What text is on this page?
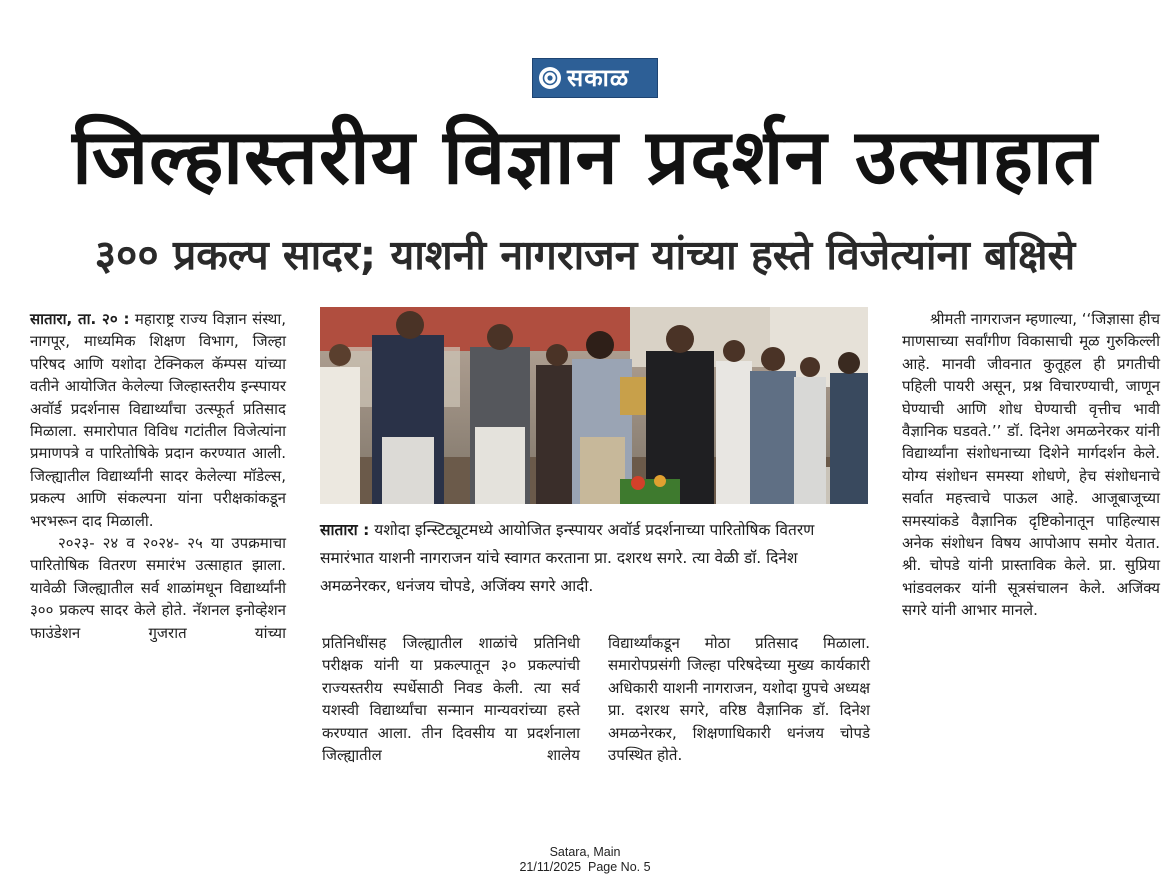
सकाळ
जिल्हास्तरीय विज्ञान प्रदर्शन उत्साहात
३०० प्रकल्प सादर; याशनी नागराजन यांच्या हस्ते विजेत्यांना बक्षिसे

सातारा, ता. २० : महाराष्ट्र राज्य विज्ञान संस्था, नागपूर, माध्यमिक शिक्षण विभाग, जिल्हा परिषद आणि यशोदा टेक्निकल कॅम्पस यांच्या वतीने आयोजित केलेल्या जिल्हास्तरीय इन्स्पायर अवॉर्ड प्रदर्शनास विद्यार्थ्यांचा उत्स्फूर्त प्रतिसाद मिळाला. समारोपात विविध गटांतील विजेत्यांना प्रमाणपत्रे व पारितोषिके प्रदान करण्यात आली. जिल्ह्यातील विद्यार्थ्यांनी सादर केलेल्या मॉडेल्स, प्रकल्प आणि संकल्पना यांना परीक्षकांकडून भरभरून दाद मिळाली.

२०२३- २४ व २०२४- २५ या उपक्रमाचा पारितोषिक वितरण समारंभ उत्साहात झाला. यावेळी जिल्ह्यातील सर्व शाळांमधून विद्यार्थ्यांनी ३०० प्रकल्प सादर केले होते. नॅशनल इनोव्हेशन फाउंडेशन गुजरात यांच्या

सातारा : यशोदा इन्स्टिट्यूटमध्ये आयोजित इन्स्पायर अवॉर्ड प्रदर्शनाच्या पारितोषिक वितरण समारंभात याशनी नागराजन यांचे स्वागत करताना प्रा. दशरथ सगरे. त्या वेळी डॉ. दिनेश अमळनेरकर, धनंजय चोपडे, अजिंक्य सगरे आदी.

प्रतिनिधींसह जिल्ह्यातील शाळांचे प्रतिनिधी परीक्षक यांनी या प्रकल्पातून ३० प्रकल्पांची राज्यस्तरीय स्पर्धेसाठी निवड केली. त्या सर्व यशस्वी विद्यार्थ्यांचा सन्मान मान्यवरांच्या हस्ते करण्यात आला. तीन दिवसीय या प्रदर्शनाला जिल्ह्यातील शालेय

विद्यार्थ्यांकडून मोठा प्रतिसाद मिळाला. समारोपप्रसंगी जिल्हा परिषदेच्या मुख्य कार्यकारी अधिकारी याशनी नागराजन, यशोदा ग्रुपचे अध्यक्ष प्रा. दशरथ सगरे, वरिष्ठ वैज्ञानिक डॉ. दिनेश अमळनेरकर, शिक्षणाधिकारी धनंजय चोपडे उपस्थित होते.

श्रीमती नागराजन म्हणाल्या, ‘‘जिज्ञासा हीच माणसाच्या सर्वांगीण विकासाची मूळ गुरुकिल्ली आहे. मानवी जीवनात कुतूहल ही प्रगतीची पहिली पायरी असून, प्रश्न विचारण्याची, जाणून घेण्याची आणि शोध घेण्याची वृत्तीच भावी वैज्ञानिक घडवते.’’ डॉ. दिनेश अमळनेरकर यांनी विद्यार्थ्यांना संशोधनाच्या दिशेने मार्गदर्शन केले. योग्य संशोधन समस्या शोधणे, हेच संशोधनाचे सर्वात महत्त्वाचे पाऊल आहे. आजूबाजूच्या समस्यांकडे वैज्ञानिक दृष्टिकोनातून पाहिल्यास अनेक संशोधन विषय आपोआप समोर येतात. श्री. चोपडे यांनी प्रास्ताविक केले. प्रा. सुप्रिया भांडवलकर यांनी सूत्रसंचालन केले. अजिंक्य सगरे यांनी आभार मानले.

Satara, Main
21/11/2025  Page No. 5
